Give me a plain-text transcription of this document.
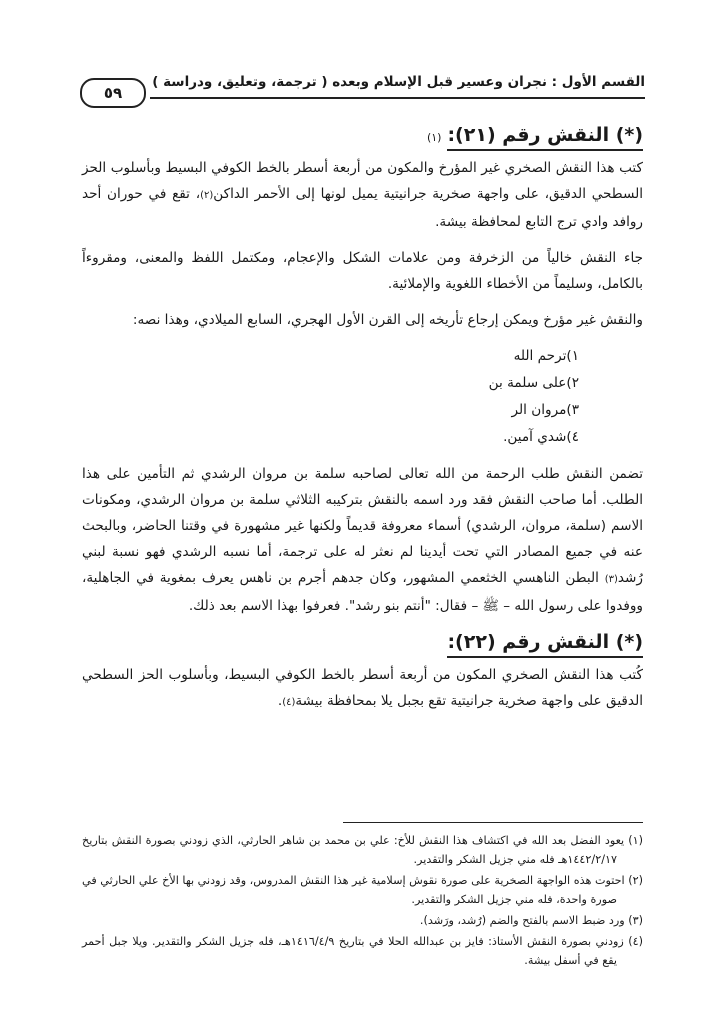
القسم الأول : نجران وعسير قبل الإسلام وبعده ( ترجمة، وتعليق، ودراسة )
٥٩
(*) النقش رقم (٢١):
(١)

كتب هذا النقش الصخري غير المؤرخ والمكون من أربعة أسطر بالخط الكوفي البسيط وبأسلوب الحز السطحي الدقيق، على واجهة صخرية جرانيتية يميل لونها إلى الأحمر الداكن(٢)، تقع في حوران أحد روافد وادي ترج التابع لمحافظة بيشة.

جاء النقش خالياً من الزخرفة ومن علامات الشكل والإعجام، ومكتمل اللفظ والمعنى، ومقروءاً بالكامل، وسليماً من الأخطاء اللغوية والإملائية.

والنقش غير مؤرخ ويمكن إرجاع تأريخه إلى القرن الأول الهجري، السابع الميلادي، وهذا نصه:

١)ترحم الله
٢)على سلمة بن
٣)مروان الر
٤)شدي آمين.

تضمن النقش طلب الرحمة من الله تعالى لصاحبه سلمة بن مروان الرشدي ثم التأمين على هذا الطلب. أما صاحب النقش فقد ورد اسمه بالنقش بتركيبه الثلاثي سلمة بن مروان الرشدي، ومكونات الاسم (سلمة، مروان، الرشدي) أسماء معروفة قديماً ولكنها غير مشهورة في وقتنا الحاضر، وبالبحث عنه في جميع المصادر التي تحت أيدينا لم نعثر له على ترجمة، أما نسبه الرشدي فهو نسبة لبني رُشد(٣) البطن الناهسي الخثعمي المشهور، وكان جدهم أجرم بن ناهس يعرف بمغوية في الجاهلية، ووفدوا على رسول الله – ﷺ – فقال: "أنتم بنو رشد". فعرفوا بهذا الاسم بعد ذلك.

(*) النقش رقم (٢٢):

كُتب هذا النقش الصخري المكون من أربعة أسطر بالخط الكوفي البسيط، وبأسلوب الحز السطحي الدقيق على واجهة صخرية جرانيتية تقع بجبل يلا بمحافظة بيشة(٤).

(١) يعود الفضل بعد الله في اكتشاف هذا النقش للأخ: علي بن محمد بن شاهر الحارثي، الذي زودني بصورة النقش بتاريخ ١٤٤٢/٢/١٧هـ فله مني جزيل الشكر والتقدير.
(٢) احتوت هذه الواجهة الصخرية على صورة نقوش إسلامية غير هذا النقش المدروس، وقد زودني بها الأخ علي الحارثي في صورة واحدة، فله مني جزيل الشكر والتقدير.
(٣) ورد ضبط الاسم بالفتح والضم (رُشد، ورَشد).
(٤) زودني بصورة النقش الأستاذ: فايز بن عبدالله الحلا في بتاريخ ١٤١٦/٤/٩هـ، فله جزيل الشكر والتقدير. ويلا جبل أحمر يقع في أسفل بيشة.
